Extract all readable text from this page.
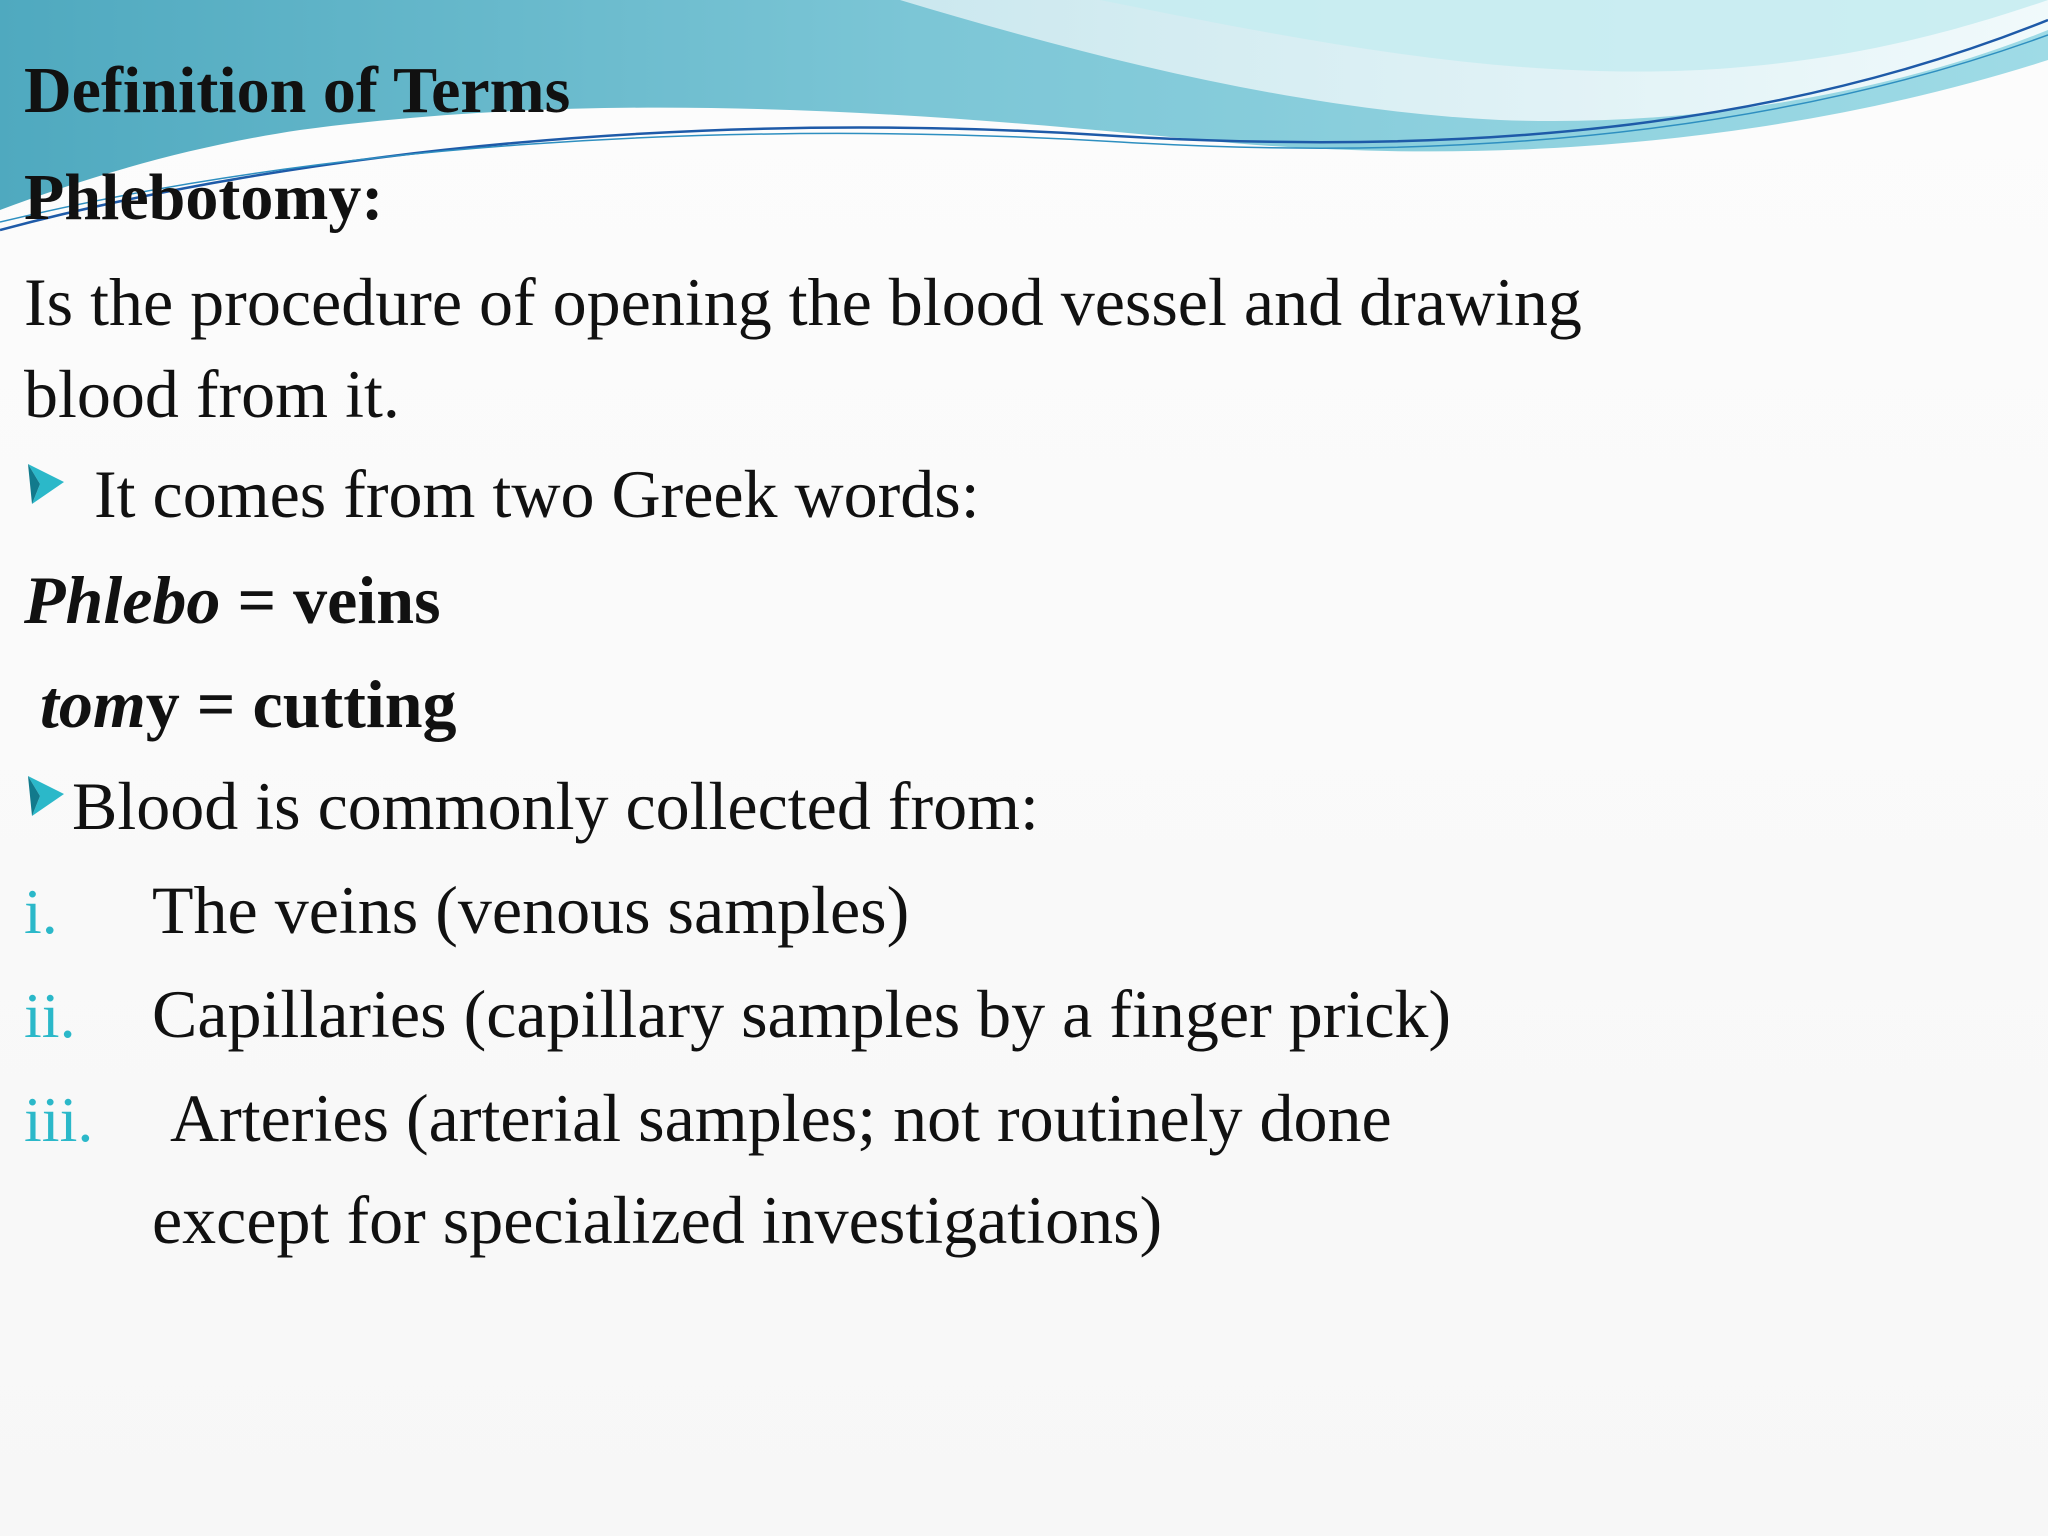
Definition of Terms
Phlebotomy:
Is the procedure of opening the blood vessel and drawing
blood from it.
It comes from two Greek words:
Phlebo = veins
tomy = cutting
Blood is commonly collected from:
i. The veins (venous samples)
ii. Capillaries (capillary samples by a finger prick)
iii. Arteries (arterial samples; not routinely done
except for specialized investigations)
